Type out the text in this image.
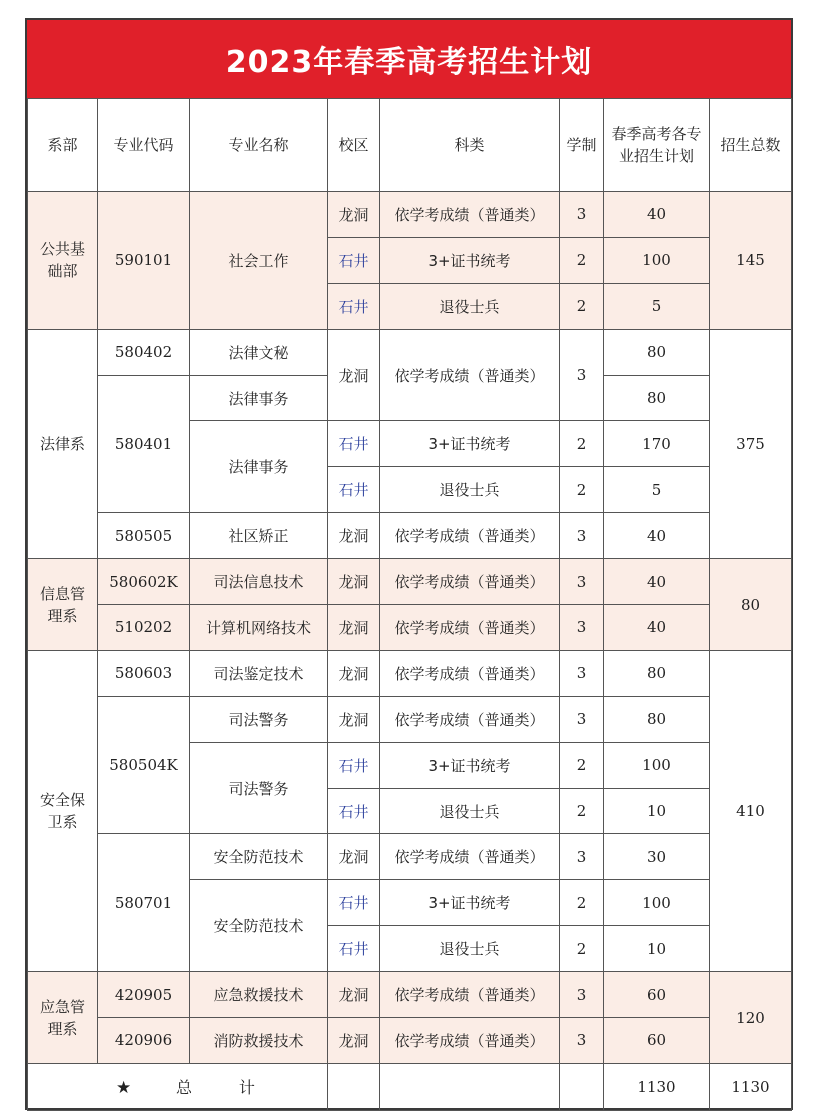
2023年春季高考招生计划
系部	专业代码	专业名称	校区	科类	学制	春季高考各专业招生计划	招生总数
公共基础部	590101	社会工作	龙洞	依学考成绩（普通类）	3	40	145
			石井	3+证书统考	2	100	
			石井	退役士兵	2	5	
法律系	580402	法律文秘	龙洞	依学考成绩（普通类）	3	80	375
	580401	法律事务				80	
		法律事务	石井	3+证书统考	2	170	
			石井	退役士兵	2	5	
	580505	社区矫正	龙洞	依学考成绩（普通类）	3	40	
信息管理系	580602K	司法信息技术	龙洞	依学考成绩（普通类）	3	40	80
	510202	计算机网络技术	龙洞	依学考成绩（普通类）	3	40	
安全保卫系	580603	司法鉴定技术	龙洞	依学考成绩（普通类）	3	80	410
	580504K	司法警务	龙洞	依学考成绩（普通类）	3	80	
		司法警务	石井	3+证书统考	2	100	
			石井	退役士兵	2	10	
	580701	安全防范技术	龙洞	依学考成绩（普通类）	3	30	
		安全防范技术	石井	3+证书统考	2	100	
			石井	退役士兵	2	10	
应急管理系	420905	应急救援技术	龙洞	依学考成绩（普通类）	3	60	120
	420906	消防救援技术	龙洞	依学考成绩（普通类）	3	60	
★ 总 计						1130	1130
